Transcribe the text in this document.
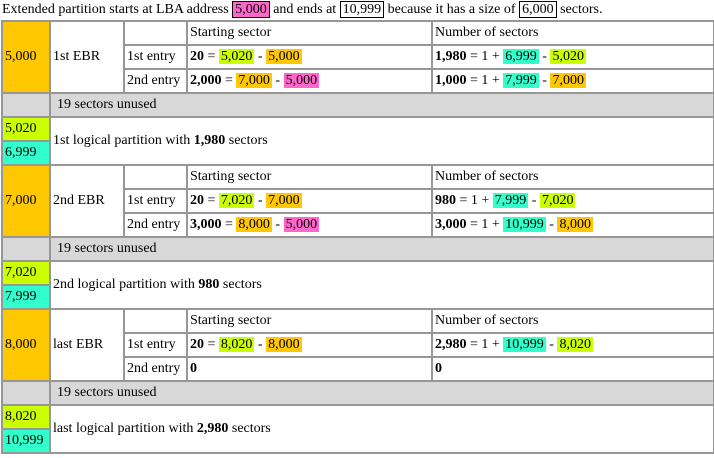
Extended partition starts at LBA address 5,000 and ends at 10,999 because it has a size of 6,000 sectors.
5,000	1st EBR		Starting sector	Number of sectors
		1st entry	20 = 5,020 - 5,000	1,980 = 1 + 6,999 - 5,020
		2nd entry	2,000 = 7,000 - 5,000	1,000 = 1 + 7,999 - 7,000
	19 sectors unused			
5,020	1st logical partition with 1,980 sectors			
6,999				
7,000	2nd EBR		Starting sector	Number of sectors
		1st entry	20 = 7,020 - 7,000	980 = 1 + 7,999 - 7,020
		2nd entry	3,000 = 8,000 - 5,000	3,000 = 1 + 10,999 - 8,000
	19 sectors unused			
7,020	2nd logical partition with 980 sectors			
7,999				
8,000	last EBR		Starting sector	Number of sectors
		1st entry	20 = 8,020 - 8,000	2,980 = 1 + 10,999 - 8,020
		2nd entry	0	0
	19 sectors unused			
8,020	last logical partition with 2,980 sectors			
10,999				
